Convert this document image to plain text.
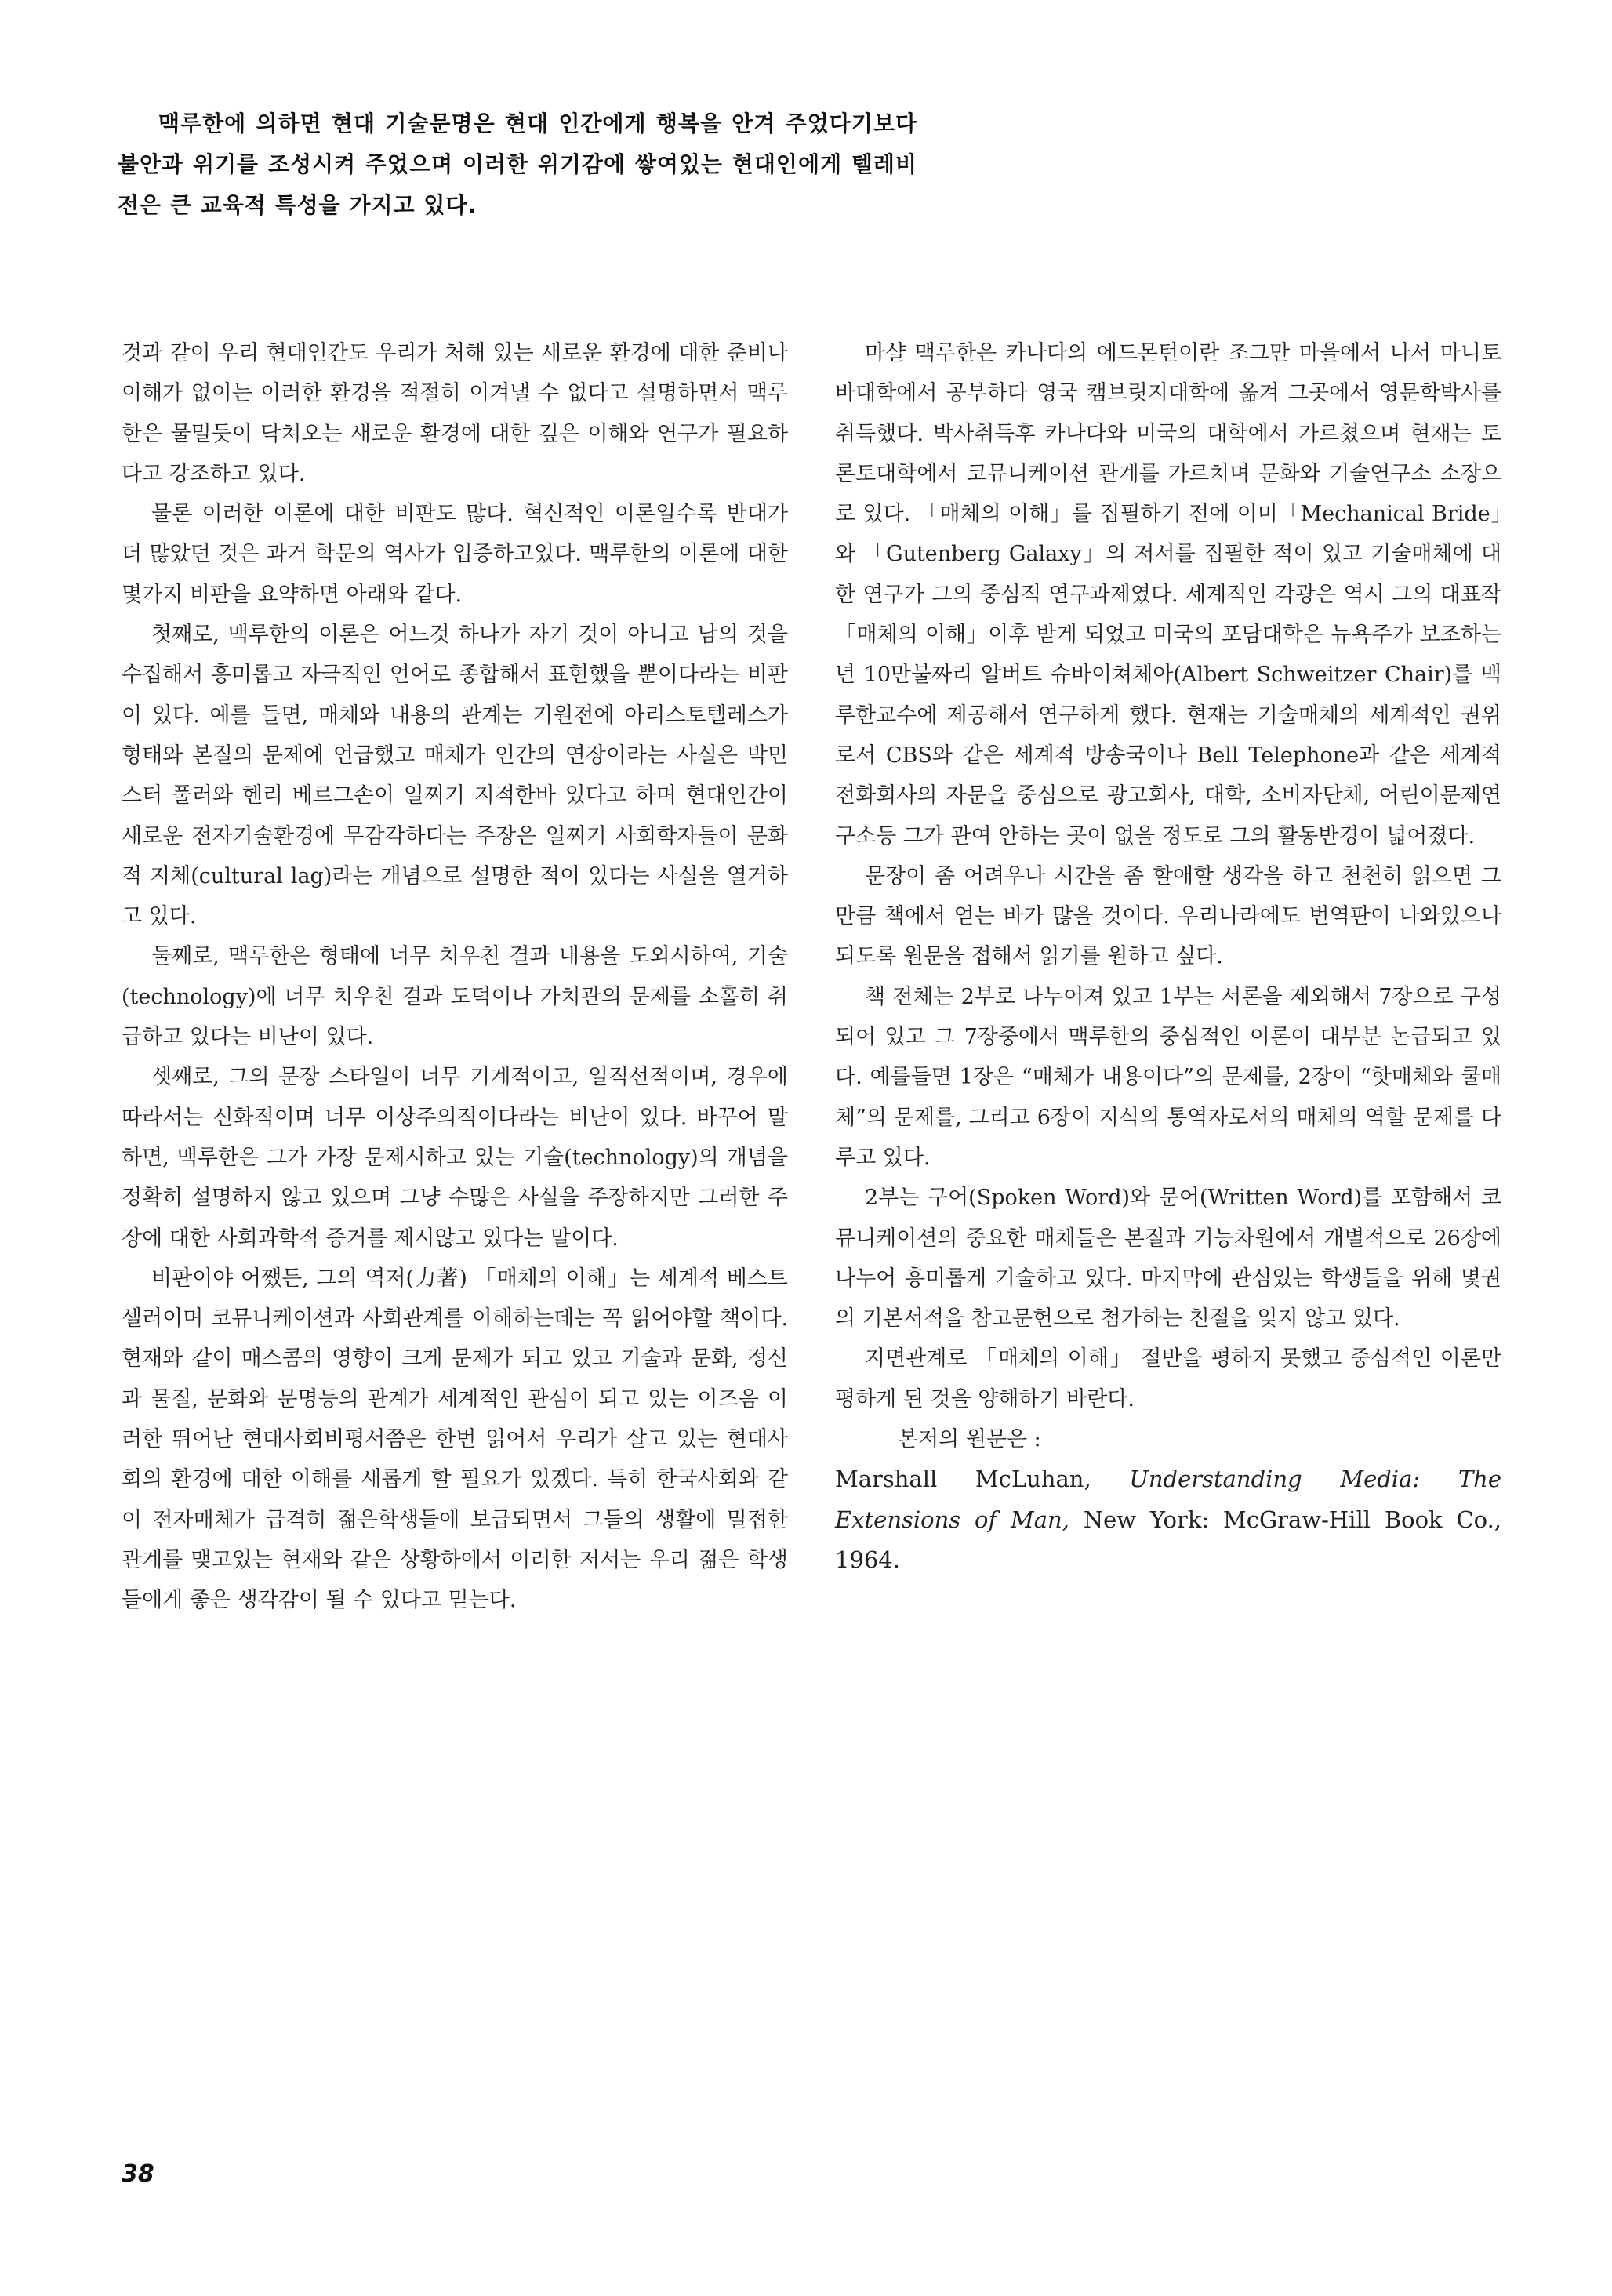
맥루한에 의하면 현대 기술문명은 현대 인간에게 행복을 안겨 주었다기보다 불안과 위기를 조성시켜 주었으며 이러한 위기감에 쌓여있는 현대인에게 텔레비전은 큰 교육적 특성을 가지고 있다.

것과 같이 우리 현대인간도 우리가 처해 있는 새로운 환경에 대한 준비나 이해가 없이는 이러한 환경을 적절히 이겨낼 수 없다고 설명하면서 맥루한은 물밀듯이 닥쳐오는 새로운 환경에 대한 깊은 이해와 연구가 필요하다고 강조하고 있다.

물론 이러한 이론에 대한 비판도 많다. 혁신적인 이론일수록 반대가 더 많았던 것은 과거 학문의 역사가 입증하고있다. 맥루한의 이론에 대한 몇가지 비판을 요약하면 아래와 같다.

첫째로, 맥루한의 이론은 어느것 하나가 자기 것이 아니고 남의 것을 수집해서 흥미롭고 자극적인 언어로 종합해서 표현했을 뿐이다라는 비판이 있다. 예를 들면, 매체와 내용의 관계는 기원전에 아리스토텔레스가 형태와 본질의 문제에 언급했고 매체가 인간의 연장이라는 사실은 박민스터 풀러와 헨리 베르그손이 일찌기 지적한바 있다고 하며 현대인간이 새로운 전자기술환경에 무감각하다는 주장은 일찌기 사회학자들이 문화적 지체(cultural lag)라는 개념으로 설명한 적이 있다는 사실을 열거하고 있다.

둘째로, 맥루한은 형태에 너무 치우친 결과 내용을 도외시하여, 기술(technology)에 너무 치우친 결과 도덕이나 가치관의 문제를 소홀히 취급하고 있다는 비난이 있다.

셋째로, 그의 문장 스타일이 너무 기계적이고, 일직선적이며, 경우에 따라서는 신화적이며 너무 이상주의적이다라는 비난이 있다. 바꾸어 말하면, 맥루한은 그가 가장 문제시하고 있는 기술(technology)의 개념을 정확히 설명하지 않고 있으며 그냥 수많은 사실을 주장하지만 그러한 주장에 대한 사회과학적 증거를 제시않고 있다는 말이다.

비판이야 어쨌든, 그의 역저(力著) 「매체의 이해」는 세계적 베스트 셀러이며 코뮤니케이션과 사회관계를 이해하는데는 꼭 읽어야할 책이다. 현재와 같이 매스콤의 영향이 크게 문제가 되고 있고 기술과 문화, 정신과 물질, 문화와 문명등의 관계가 세계적인 관심이 되고 있는 이즈음 이러한 뛰어난 현대사회비평서쯤은 한번 읽어서 우리가 살고 있는 현대사회의 환경에 대한 이해를 새롭게 할 필요가 있겠다. 특히 한국사회와 같이 전자매체가 급격히 젊은학생들에 보급되면서 그들의 생활에 밀접한 관계를 맺고있는 현재와 같은 상황하에서 이러한 저서는 우리 젊은 학생들에게 좋은 생각감이 될 수 있다고 믿는다.

마샬 맥루한은 카나다의 에드몬턴이란 조그만 마을에서 나서 마니토바대학에서 공부하다 영국 캠브릿지대학에 옮겨 그곳에서 영문학박사를 취득했다. 박사취득후 카나다와 미국의 대학에서 가르쳤으며 현재는 토론토대학에서 코뮤니케이션 관계를 가르치며 문화와 기술연구소 소장으로 있다. 「매체의 이해」를 집필하기 전에 이미「Mechanical Bride」와 「Gutenberg Galaxy」의 저서를 집필한 적이 있고 기술매체에 대한 연구가 그의 중심적 연구과제였다. 세계적인 각광은 역시 그의 대표작「매체의 이해」이후 받게 되었고 미국의 포담대학은 뉴욕주가 보조하는 년 10만불짜리 알버트 슈바이쳐체아(Albert Schweitzer Chair)를 맥루한교수에 제공해서 연구하게 했다. 현재는 기술매체의 세계적인 권위로서 CBS와 같은 세계적 방송국이나 Bell Telephone과 같은 세계적 전화회사의 자문을 중심으로 광고회사, 대학, 소비자단체, 어린이문제연구소등 그가 관여 안하는 곳이 없을 정도로 그의 활동반경이 넓어졌다.

문장이 좀 어려우나 시간을 좀 할애할 생각을 하고 천천히 읽으면 그만큼 책에서 얻는 바가 많을 것이다. 우리나라에도 번역판이 나와있으나 되도록 원문을 접해서 읽기를 원하고 싶다.

책 전체는 2부로 나누어져 있고 1부는 서론을 제외해서 7장으로 구성되어 있고 그 7장중에서 맥루한의 중심적인 이론이 대부분 논급되고 있다. 예를들면 1장은 “매체가 내용이다”의 문제를, 2장이 “핫매체와 쿨매체”의 문제를, 그리고 6장이 지식의 통역자로서의 매체의 역할 문제를 다루고 있다.

2부는 구어(Spoken Word)와 문어(Written Word)를 포함해서 코뮤니케이션의 중요한 매체들은 본질과 기능차원에서 개별적으로 26장에 나누어 흥미롭게 기술하고 있다. 마지막에 관심있는 학생들을 위해 몇권의 기본서적을 참고문헌으로 첨가하는 친절을 잊지 않고 있다.

지면관계로 「매체의 이해」 절반을 평하지 못했고 중심적인 이론만 평하게 된 것을 양해하기 바란다.

본저의 원문은 :

Marshall McLuhan, Understanding Media: The Extensions of Man, New York: McGraw-Hill Book Co., 1964.

38
